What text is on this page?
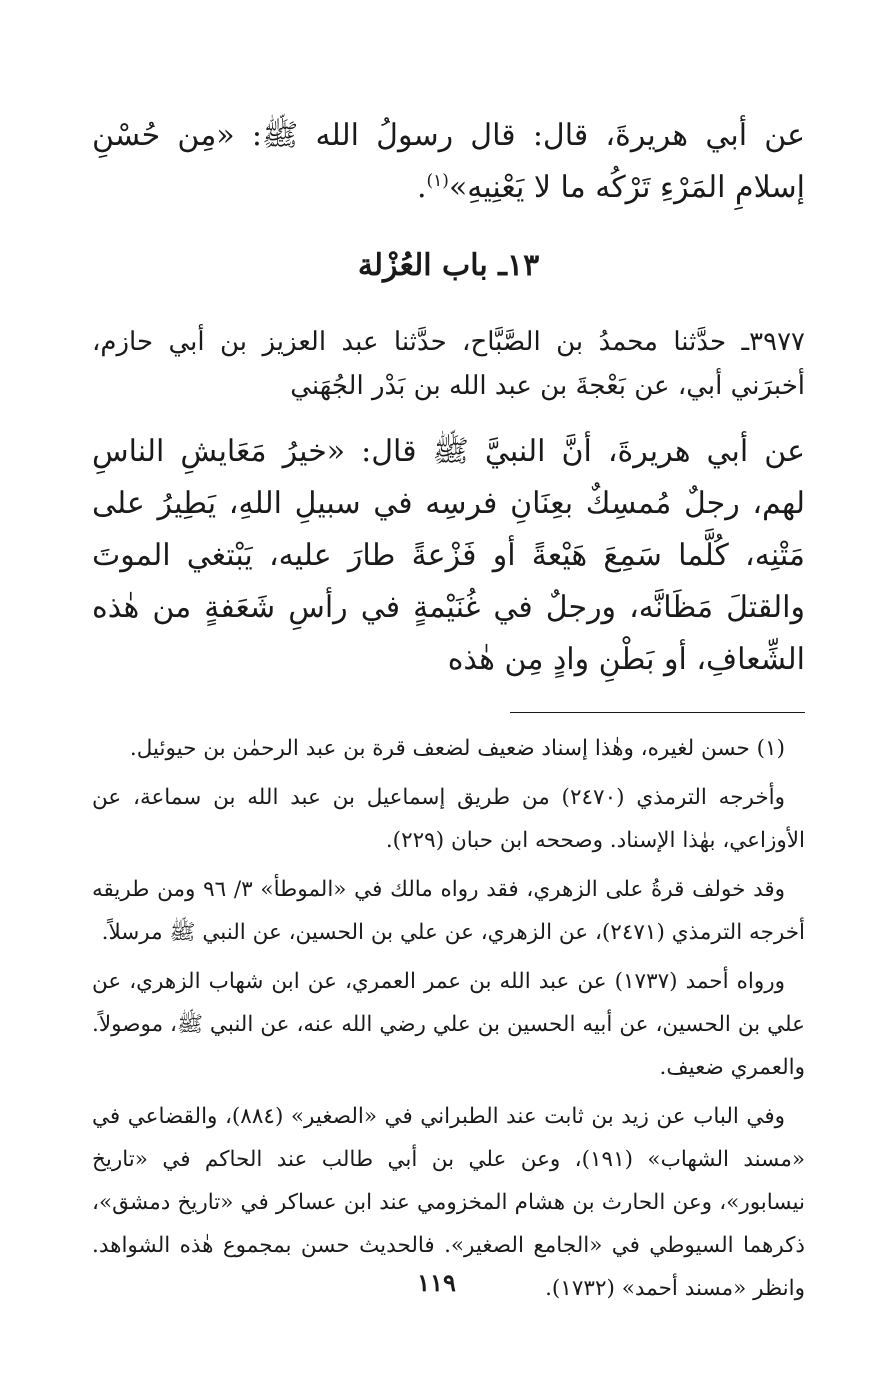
عن أبي هريرةَ، قال: قال رسولُ الله ﷺ: «مِن حُسْنِ إسلامِ المَرْءِ تَرْكُه ما لا يَعْنِيهِ»$^{(١)}$.

١٣ـ باب العُزْلة

٣٩٧٧ـ حدَّثنا محمدُ بن الصَّبَّاح، حدَّثنا عبد العزيز بن أبي حازم، أخبرَني أبي، عن بَعْجةَ بن عبد الله بن بَدْر الجُهَني

عن أبي هريرةَ، أنَّ النبيَّ ﷺ قال: «خيرُ مَعَايشِ الناسِ لهم، رجلٌ مُمسِكٌ بعِنَانِ فرسِه في سبيلِ اللهِ، يَطِيرُ على مَتْنِه، كُلَّما سَمِعَ هَيْعةً أو فَزْعةً طارَ عليه، يَبْتغي الموتَ والقتلَ مَظَانَّه، ورجلٌ في غُنَيْمةٍ في رأسِ شَعَفةٍ من هٰذه الشِّعافِ، أو بَطْنِ وادٍ مِن هٰذه

(١) حسن لغيره، وهٰذا إسناد ضعيف لضعف قرة بن عبد الرحمٰن بن حيوئيل.

وأخرجه الترمذي (٢٤٧٠) من طريق إسماعيل بن عبد الله بن سماعة، عن الأوزاعي، بهٰذا الإسناد. وصححه ابن حبان (٢٢٩).

وقد خولف قرةُ على الزهري، فقد رواه مالك في «الموطأ» ٣/ ٩٦ ومن طريقه أخرجه الترمذي (٢٤٧١)، عن الزهري، عن علي بن الحسين، عن النبي ﷺ مرسلاً.

ورواه أحمد (١٧٣٧) عن عبد الله بن عمر العمري، عن ابن شهاب الزهري، عن علي بن الحسين، عن أبيه الحسين بن علي رضي الله عنه، عن النبي ﷺ، موصولاً. والعمري ضعيف.

وفي الباب عن زيد بن ثابت عند الطبراني في «الصغير» (٨٨٤)، والقضاعي في «مسند الشهاب» (١٩١)، وعن علي بن أبي طالب عند الحاكم في «تاريخ نيسابور»، وعن الحارث بن هشام المخزومي عند ابن عساكر في «تاريخ دمشق»، ذكرهما السيوطي في «الجامع الصغير». فالحديث حسن بمجموع هٰذه الشواهد. وانظر «مسند أحمد» (١٧٣٢).

١١٩
